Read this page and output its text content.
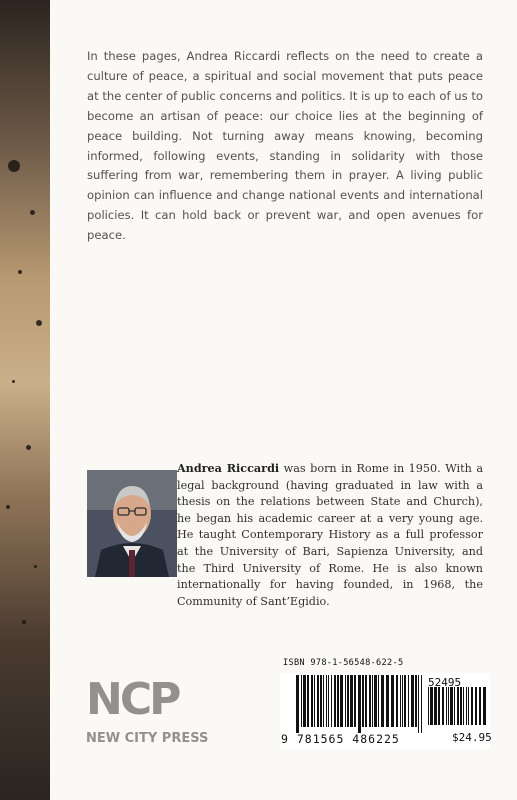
In these pages, Andrea Riccardi reflects on the need to create a culture of peace, a spiritual and social movement that puts peace at the center of public concerns and politics. It is up to each of us to become an artisan of peace: our choice lies at the beginning of peace building. Not turning away means knowing, becoming informed, following events, standing in solidarity with those suffering from war, remembering them in prayer. A living public opinion can influence and change national events and international policies. It can hold back or prevent war, and open avenues for peace.

Andrea Riccardi was born in Rome in 1950. With a legal background (having graduated in law with a thesis on the relations between State and Church), he began his academic career at a very young age. He taught Contemporary History as a full professor at the University of Bari, Sapienza University, and the Third University of Rome. He is also known internationally for having founded, in 1968, the Community of Sant’Egidio.

NCP
NEW CITY PRESS
ISBN 978-1-56548-622-5
52495
9 781565 486225	$24.95
